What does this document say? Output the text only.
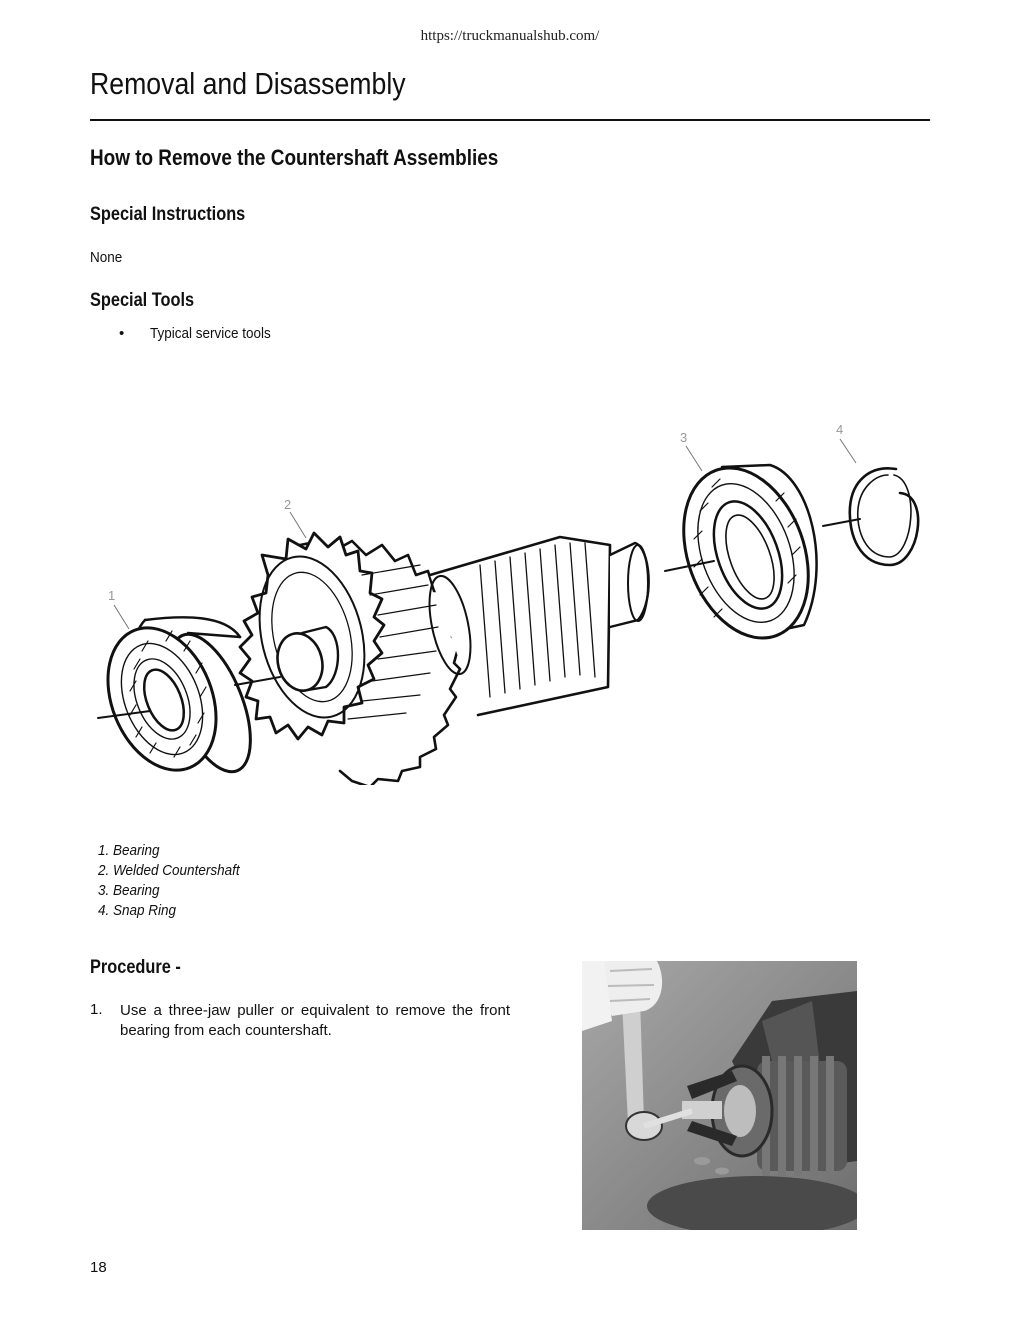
https://truckmanualshub.com/
Removal and Disassembly
How to Remove the Countershaft Assemblies
Special Instructions
None
Special Tools
• Typical service tools
1
2
3
4
1. Bearing
2. Welded Countershaft
3. Bearing
4. Snap Ring
Procedure -
1. Use a three-jaw puller or equivalent to remove the front bearing from each countershaft.
18
